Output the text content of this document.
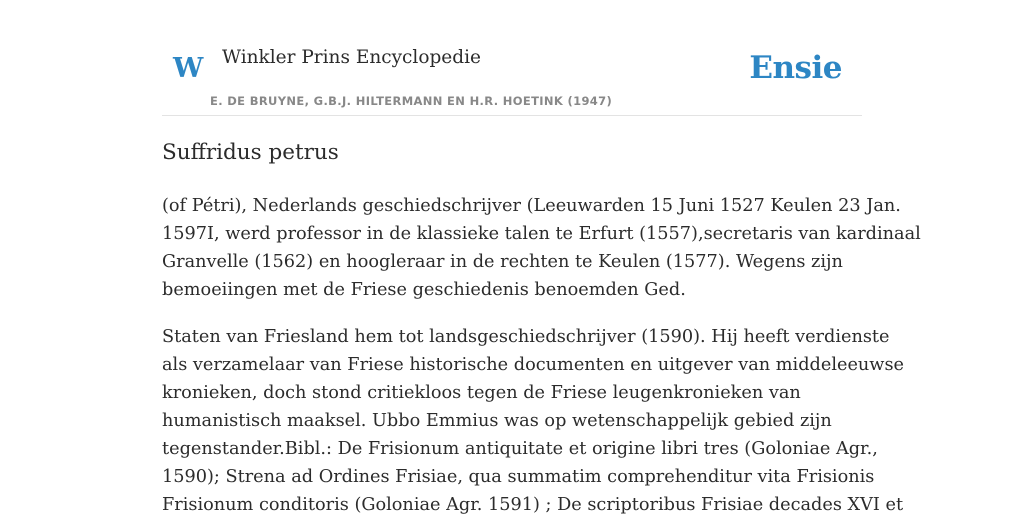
W Winkler Prins Encyclopedie
E. DE BRUYNE, G.B.J. HILTERMANN EN H.R. HOETINK (1947)
Ensie
Suffridus petrus

(of Pétri), Nederlands geschiedschrijver (Leeuwarden 15 Juni 1527 Keulen 23 Jan.
1597I, werd professor in de klassieke talen te Erfurt (1557),secretaris van kardinaal
Granvelle (1562) en hoogleraar in de rechten te Keulen (1577). Wegens zijn
bemoeiingen met de Friese geschiedenis benoemden Ged.

Staten van Friesland hem tot landsgeschiedschrijver (1590). Hij heeft verdienste
als verzamelaar van Friese historische documenten en uitgever van middeleeuwse
kronieken, doch stond critiekloos tegen de Friese leugenkronieken van
humanistisch maaksel. Ubbo Emmius was op wetenschappelijk gebied zijn
tegenstander.Bibl.: De Frisionum antiquitate et origine libri tres (Goloniae Agr.,
1590); Strena ad Ordines Frisiae, qua summatim comprehenditur vita Frisionis
Frisionum conditoris (Goloniae Agr. 1591) ; De scriptoribus Frisiae decades XVI et
